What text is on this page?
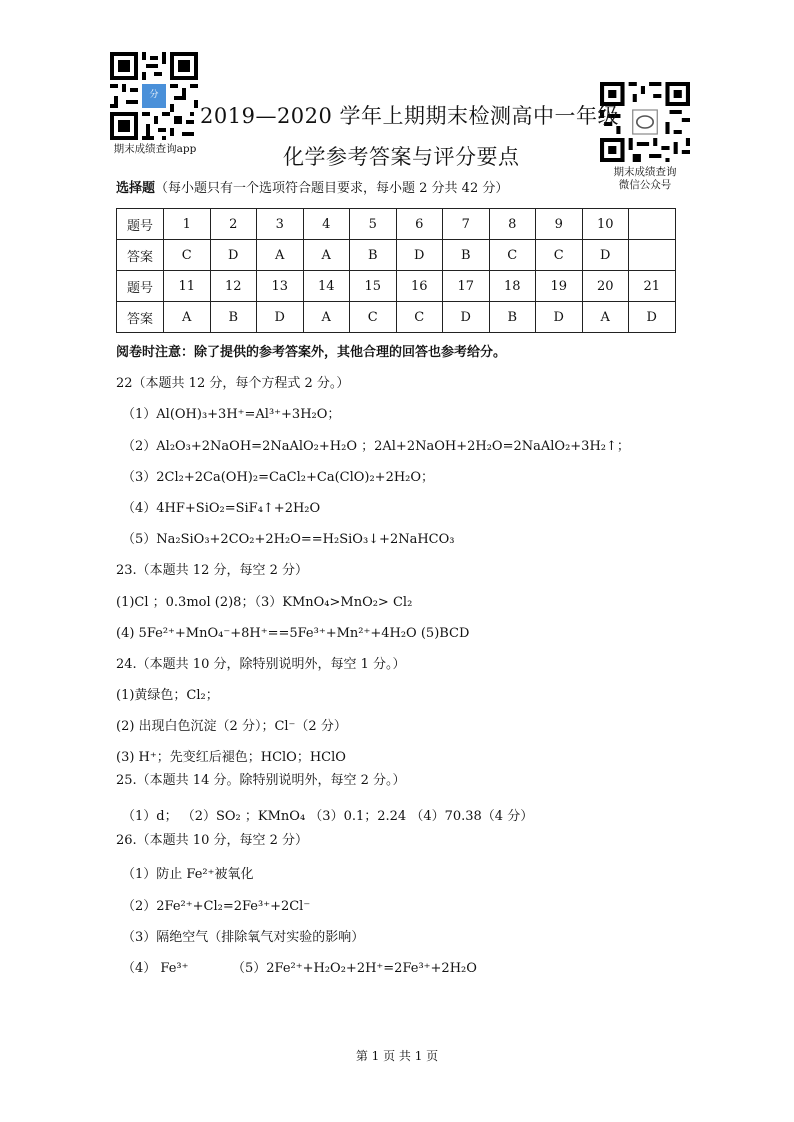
分
期末成绩查询app
期末成绩查询
微信公众号
2019—2020 学年上期期末检测高中一年级
化学参考答案与评分要点
选择题（每小题只有一个选项符合题目要求，每小题 2 分共 42 分）
题号	1	2	3	4	5	6	7	8	9	10	
答案	C	D	A	A	B	D	B	C	C	D	
题号	11	12	13	14	15	16	17	18	19	20	21
答案	A	B	D	A	C	C	D	B	D	A	D
阅卷时注意：除了提供的参考答案外，其他合理的回答也参考给分。
22（本题共 12 分，每个方程式 2 分。）
（1）Al(OH)₃+3H⁺=Al³⁺+3H₂O；
（2）Al₂O₃+2NaOH=2NaAlO₂+H₂O ；2Al+2NaOH+2H₂O=2NaAlO₂+3H₂↑；
（3）2Cl₂+2Ca(OH)₂=CaCl₂+Ca(ClO)₂+2H₂O；
（4）4HF+SiO₂=SiF₄↑+2H₂O
（5）Na₂SiO₃+2CO₂+2H₂O==H₂SiO₃↓+2NaHCO₃
23.（本题共 12 分，每空 2 分）
(1)Cl ；0.3mol (2)8；（3）KMnO₄>MnO₂> Cl₂
(4) 5Fe²⁺+MnO₄⁻+8H⁺==5Fe³⁺+Mn²⁺+4H₂O (5)BCD
24.（本题共 10 分，除特别说明外，每空 1 分。）
(1)黄绿色；Cl₂；
(2) 出现白色沉淀（2 分）；Cl⁻（2 分）
(3) H⁺；先变红后褪色；HClO；HClO
25.（本题共 14 分。除特别说明外，每空 2 分。）
（1）d； （2）SO₂ ；KMnO₄ （3）0.1；2.24 （4）70.38（4 分）
26.（本题共 10 分，每空 2 分）
（1）防止 Fe²⁺被氧化
（2）2Fe²⁺+Cl₂=2Fe³⁺+2Cl⁻
（3）隔绝空气（排除氧气对实验的影响）
（4） Fe³⁺	（5）2Fe²⁺+H₂O₂+2H⁺=2Fe³⁺+2H₂O
第 1 页 共 1 页
